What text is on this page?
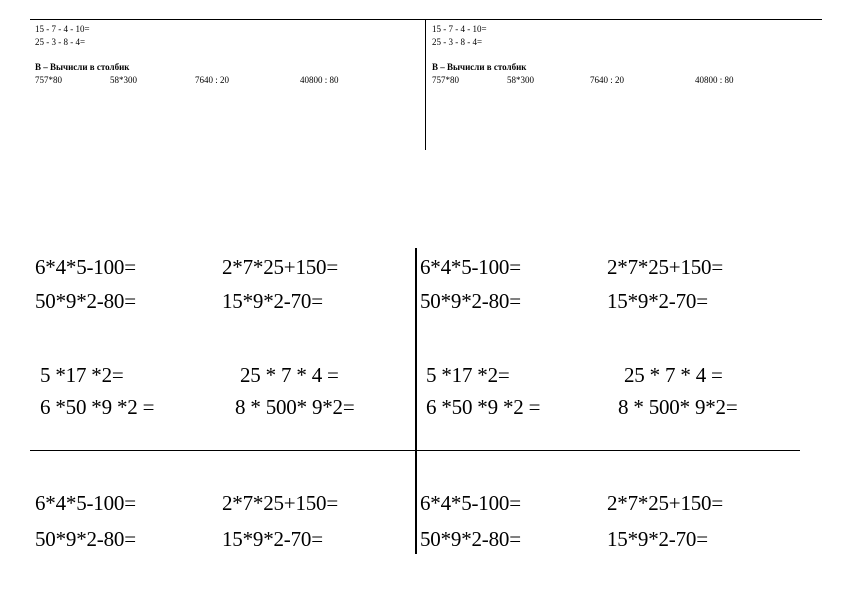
15 - 7 - 4 - 10=
25 - 3 - 8 - 4=
В – Вычисли в столбик
757*80	58*300	7640 : 20	40800 : 80
15 - 7 - 4 - 10=
25 - 3 - 8 - 4=
В – Вычисли в столбик
757*80	58*300	7640 : 20	40800 : 80
6*4*5-100=	2*7*25+150=
50*9*2-80=	15*9*2-70=
5 *17 *2=	25 * 7 * 4 =
6 *50 *9 *2 =	8 * 500* 9*2=
6*4*5-100=	2*7*25+150=
50*9*2-80=	15*9*2-70=
5 *17 *2=	25 * 7 * 4 =
6 *50 *9 *2 =	8 * 500* 9*2=
6*4*5-100=	2*7*25+150=
50*9*2-80=	15*9*2-70=
6*4*5-100=	2*7*25+150=
50*9*2-80=	15*9*2-70=
